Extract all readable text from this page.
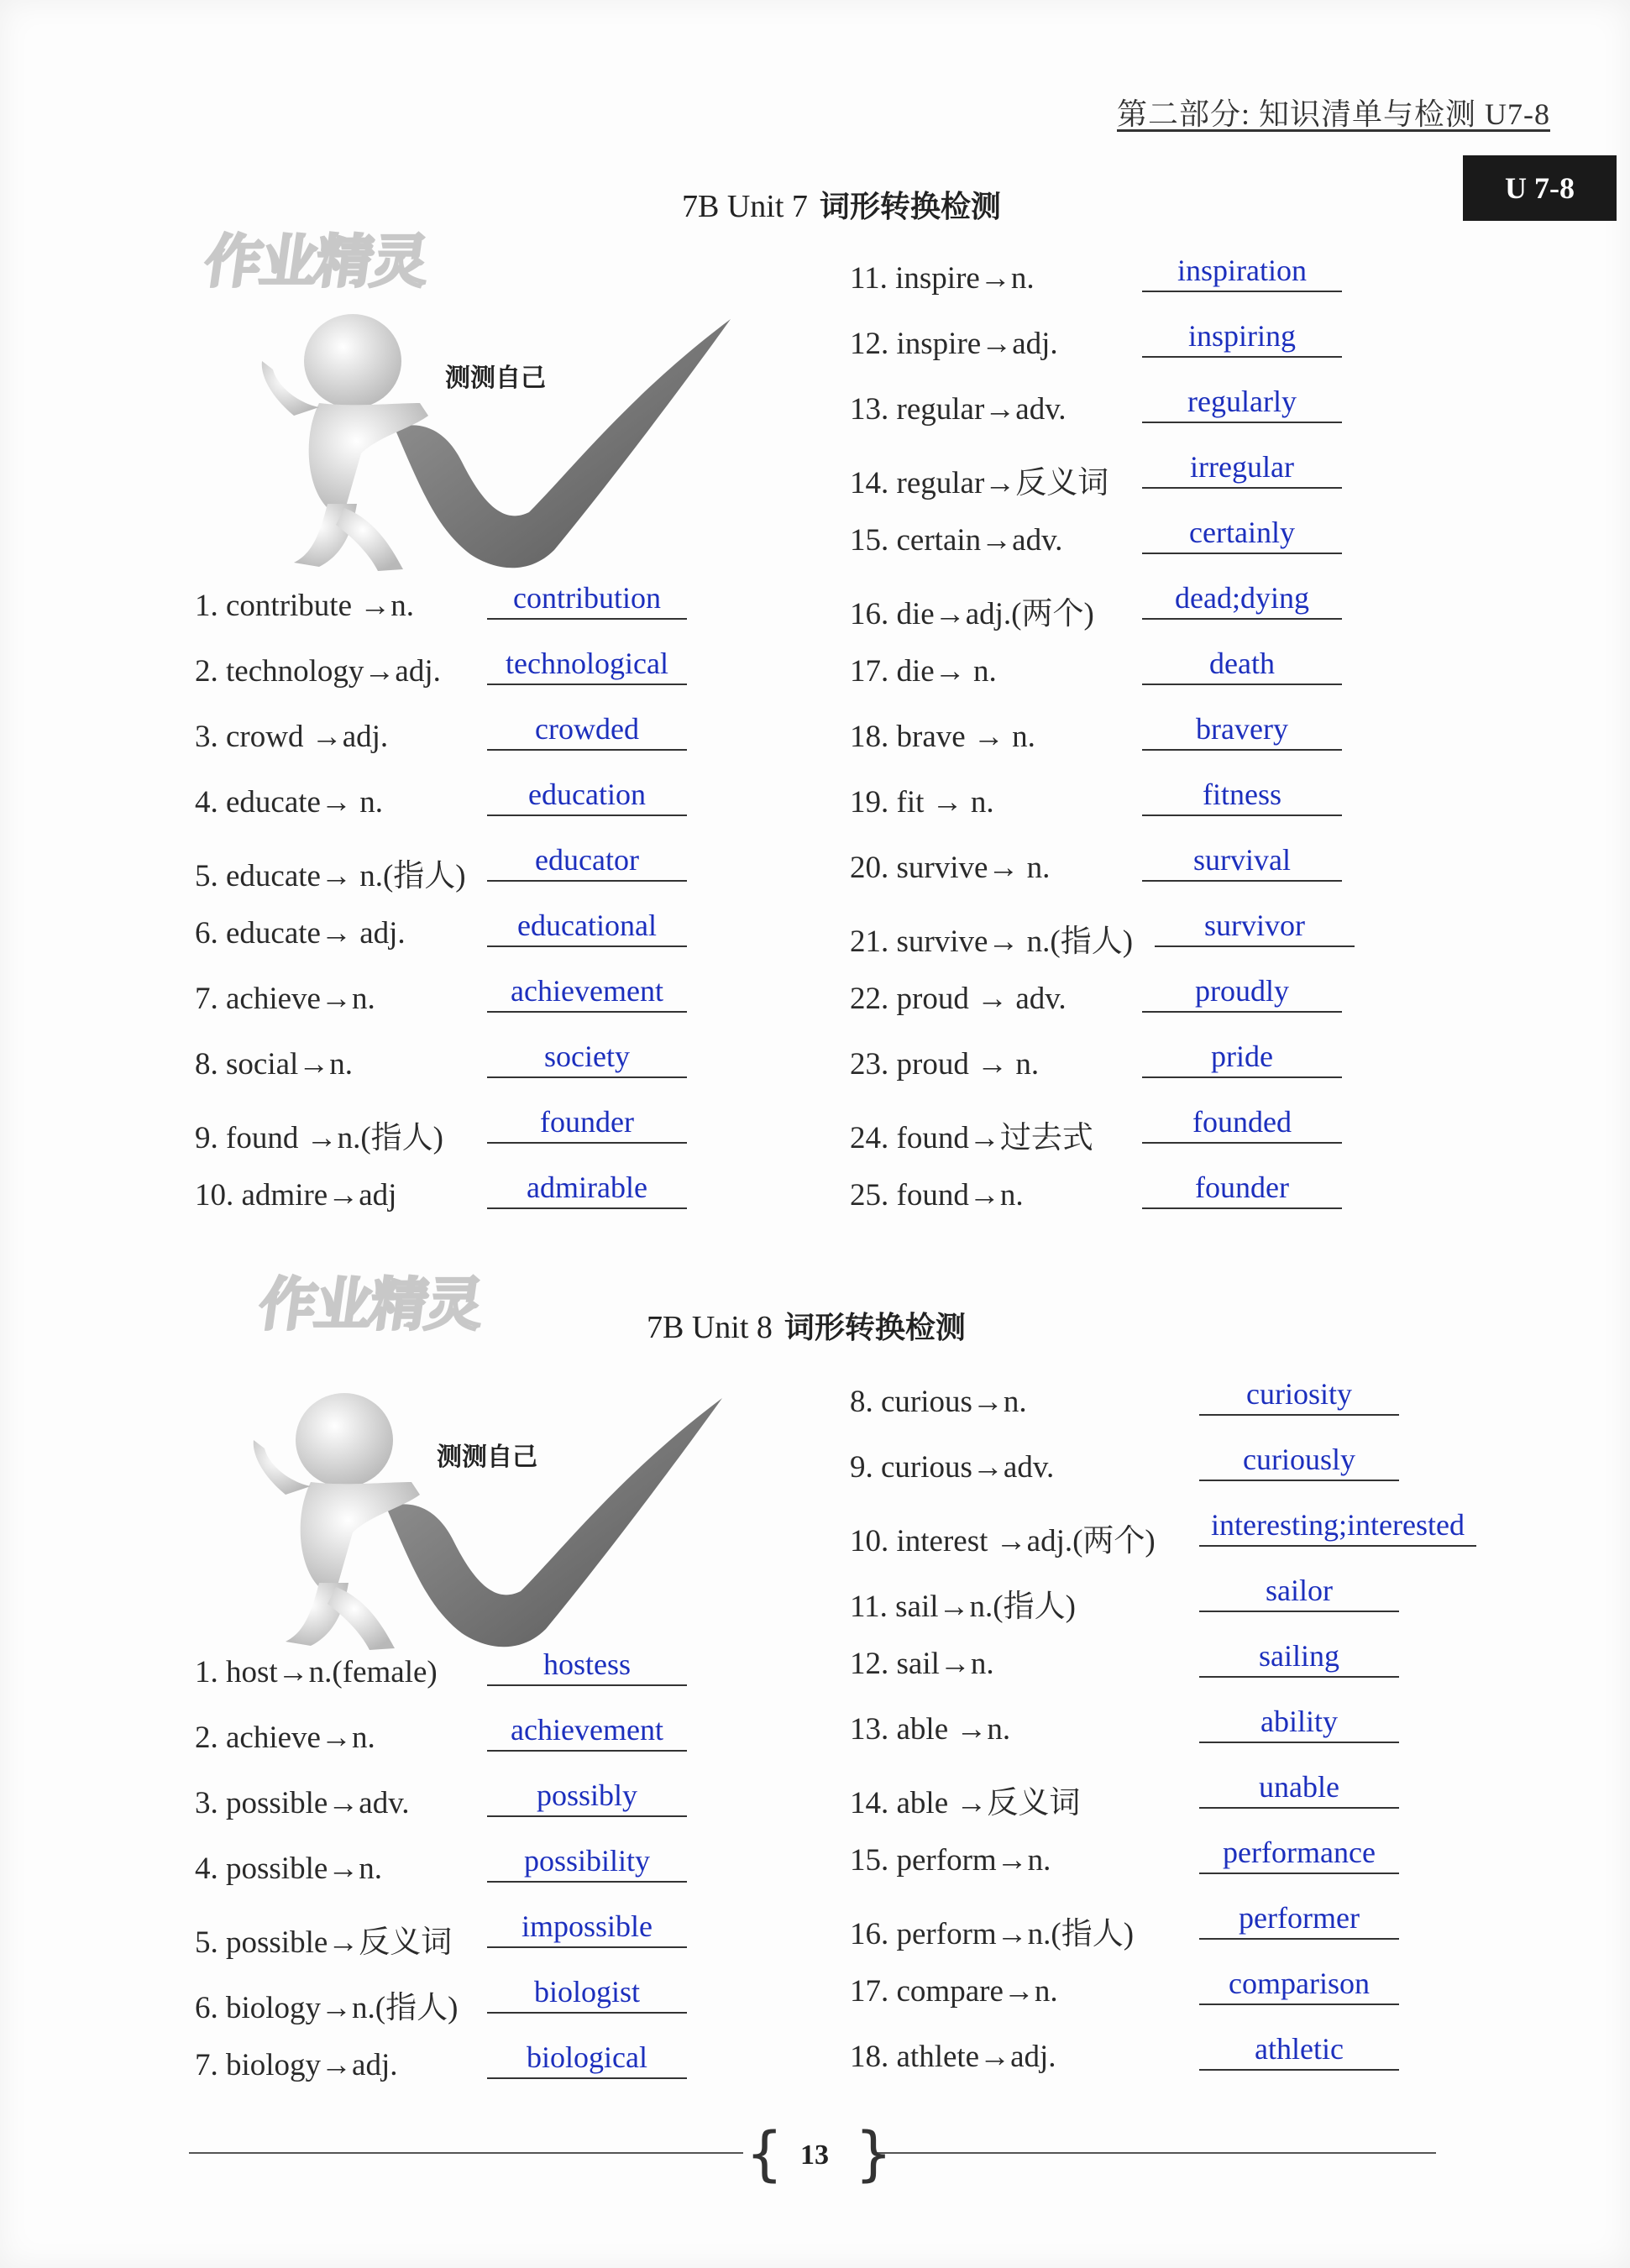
第二部分: 知识清单与检测 U7-8
U 7-8
7B Unit 7 词形转换检测
作业精灵
测测自己
1. contribute →n.	contribution
2. technology→adj.	technological
3. crowd →adj.	crowded
4. educate→ n.	education
5. educate→ n.(指人)	educator
6. educate→ adj.	educational
7. achieve→n.	achievement
8. social→n.	society
9. found →n.(指人)	founder
10. admire→adj	admirable
11. inspire→n.	inspiration
12. inspire→adj.	inspiring
13. regular→adv.	regularly
14. regular→反义词	irregular
15. certain→adv.	certainly
16. die→adj.(两个)	dead;dying
17. die→ n.	death
18. brave → n.	bravery
19. fit → n.	fitness
20. survive→ n.	survival
21. survive→ n.(指人)	survivor
22. proud → adv.	proudly
23. proud → n.	pride
24. found→过去式	founded
25. found→n.	founder
7B Unit 8 词形转换检测
作业精灵
测测自己
1. host→n.(female)	hostess
2. achieve→n.	achievement
3. possible→adv.	possibly
4. possible→n.	possibility
5. possible→反义词	impossible
6. biology→n.(指人)	biologist
7. biology→adj.	biological
8. curious→n.	curiosity
9. curious→adv.	curiously
10. interest →adj.(两个)	interesting;interested
11. sail→n.(指人)	sailor
12. sail→n.	sailing
13. able →n.	ability
14. able →反义词	unable
15. perform→n.	performance
16. perform→n.(指人)	performer
17. compare→n.	comparison
18. athlete→adj.	athletic
{ }
13
